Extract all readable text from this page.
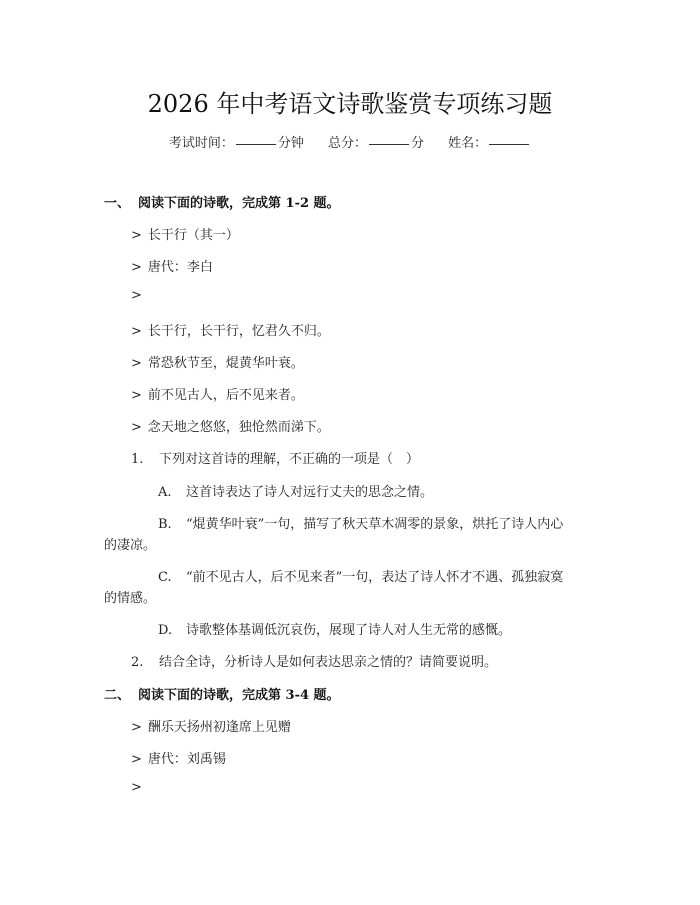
2026 年中考语文诗歌鉴赏专项练习题
考试时间：	分钟 总分：	分 姓名：
一、 阅读下面的诗歌，完成第 1-2 题。
> 长干行（其一）
> 唐代：李白
>
> 长干行，长干行，忆君久不归。
> 常恐秋节至，焜黄华叶衰。
> 前不见古人，后不见来者。
> 念天地之悠悠，独怆然而涕下。
1. 下列对这首诗的理解，不正确的一项是（　）
A. 这首诗表达了诗人对远行丈夫的思念之情。
B. “焜黄华叶衰”一句，描写了秋天草木凋零的景象，烘托了诗人内心
的凄凉。
C. “前不见古人，后不见来者”一句，表达了诗人怀才不遇、孤独寂寞
的情感。
D. 诗歌整体基调低沉哀伤，展现了诗人对人生无常的感慨。
2. 结合全诗，分析诗人是如何表达思亲之情的？请简要说明。
二、 阅读下面的诗歌，完成第 3-4 题。
> 酬乐天扬州初逢席上见赠
> 唐代：刘禹锡
>
